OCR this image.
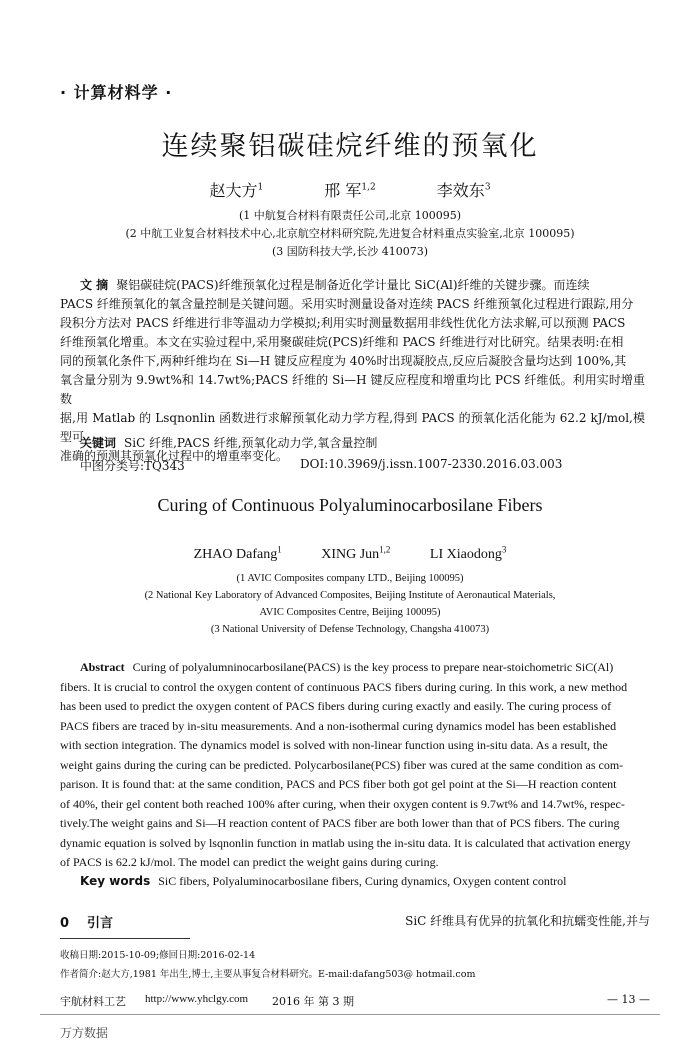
· 计算材料学 ·
连续聚铝碳硅烷纤维的预氧化
赵大方$^1$	邢 军$^{1,2}$	李效东$^3$
(1 中航复合材料有限责任公司,北京 100095)
(2 中航工业复合材料技术中心,北京航空材料研究院,先进复合材料重点实验室,北京 100095)
(3 国防科技大学,长沙 410073)
文 摘 聚铝碳硅烷(PACS)纤维预氧化过程是制备近化学计量比 SiC(Al)纤维的关键步骤。而连续
PACS 纤维预氧化的氧含量控制是关键问题。采用实时测量设备对连续 PACS 纤维预氧化过程进行跟踪,用分
段积分方法对 PACS 纤维进行非等温动力学模拟;利用实时测量数据用非线性优化方法求解,可以预测 PACS
纤维预氧化增重。本文在实验过程中,采用聚碳硅烷(PCS)纤维和 PACS 纤维进行对比研究。结果表明:在相
同的预氧化条件下,两种纤维均在 Si—H 键反应程度为 40%时出现凝胶点,反应后凝胶含量均达到 100%,其
氧含量分别为 9.9wt%和 14.7wt%;PACS 纤维的 Si—H 键反应程度和增重均比 PCS 纤维低。利用实时增重数
据,用 Matlab 的 Lsqnonlin 函数进行求解预氧化动力学方程,得到 PACS 的预氧化活化能为 62.2 kJ/mol,模型可
准确的预测其预氧化过程中的增重率变化。
关键词 SiC 纤维,PACS 纤维,预氧化动力学,氧含量控制
中图分类号:TQ343	DOI:10.3969/j.issn.1007-2330.2016.03.003
Curing of Continuous Polyaluminocarbosilane Fibers
ZHAO Dafang$^1$	XING Jun$^{1,2}$	LI Xiaodong$^3$
(1 AVIC Composites company LTD., Beijing 100095)
(2 National Key Laboratory of Advanced Composites, Beijing Institute of Aeronautical Materials,
AVIC Composites Centre, Beijing 100095)
(3 National University of Defense Technology, Changsha 410073)
Abstract Curing of polyalumninocarbosilane(PACS) is the key process to prepare near-stoichometric SiC(Al)
fibers. It is crucial to control the oxygen content of continuous PACS fibers during curing. In this work, a new method
has been used to predict the oxygen content of PACS fibers during curing exactly and easily. The curing process of
PACS fibers are traced by in-situ measurements. And a non-isothermal curing dynamics model has been established
with section integration. The dynamics model is solved with non-linear function using in-situ data. As a result, the
weight gains during the curing can be predicted. Polycarbosilane(PCS) fiber was cured at the same condition as com-
parison. It is found that: at the same condition, PACS and PCS fiber both got gel point at the Si—H reaction content
of 40%, their gel content both reached 100% after curing, when their oxygen content is 9.7wt% and 14.7wt%, respec-
tively.The weight gains and Si—H reaction content of PACS fiber are both lower than that of PCS fibers. The curing
dynamic equation is solved by lsqnonlin function in matlab using the in-situ data. It is calculated that activation energy
of PACS is 62.2 kJ/mol. The model can predict the weight gains during curing.
Key words SiC fibers, Polyaluminocarbosilane fibers, Curing dynamics, Oxygen content control
0 引言	SiC 纤维具有优异的抗氧化和抗蠕变性能,并与
收稿日期:2015-10-09;修回日期:2016-02-14
作者简介:赵大方,1981 年出生,博士,主要从事复合材料研究。E-mail:dafang503@ hotmail.com
宇航材料工艺 http://www.yhclgy.com 2016 年 第 3 期	— 13 —
万方数据
